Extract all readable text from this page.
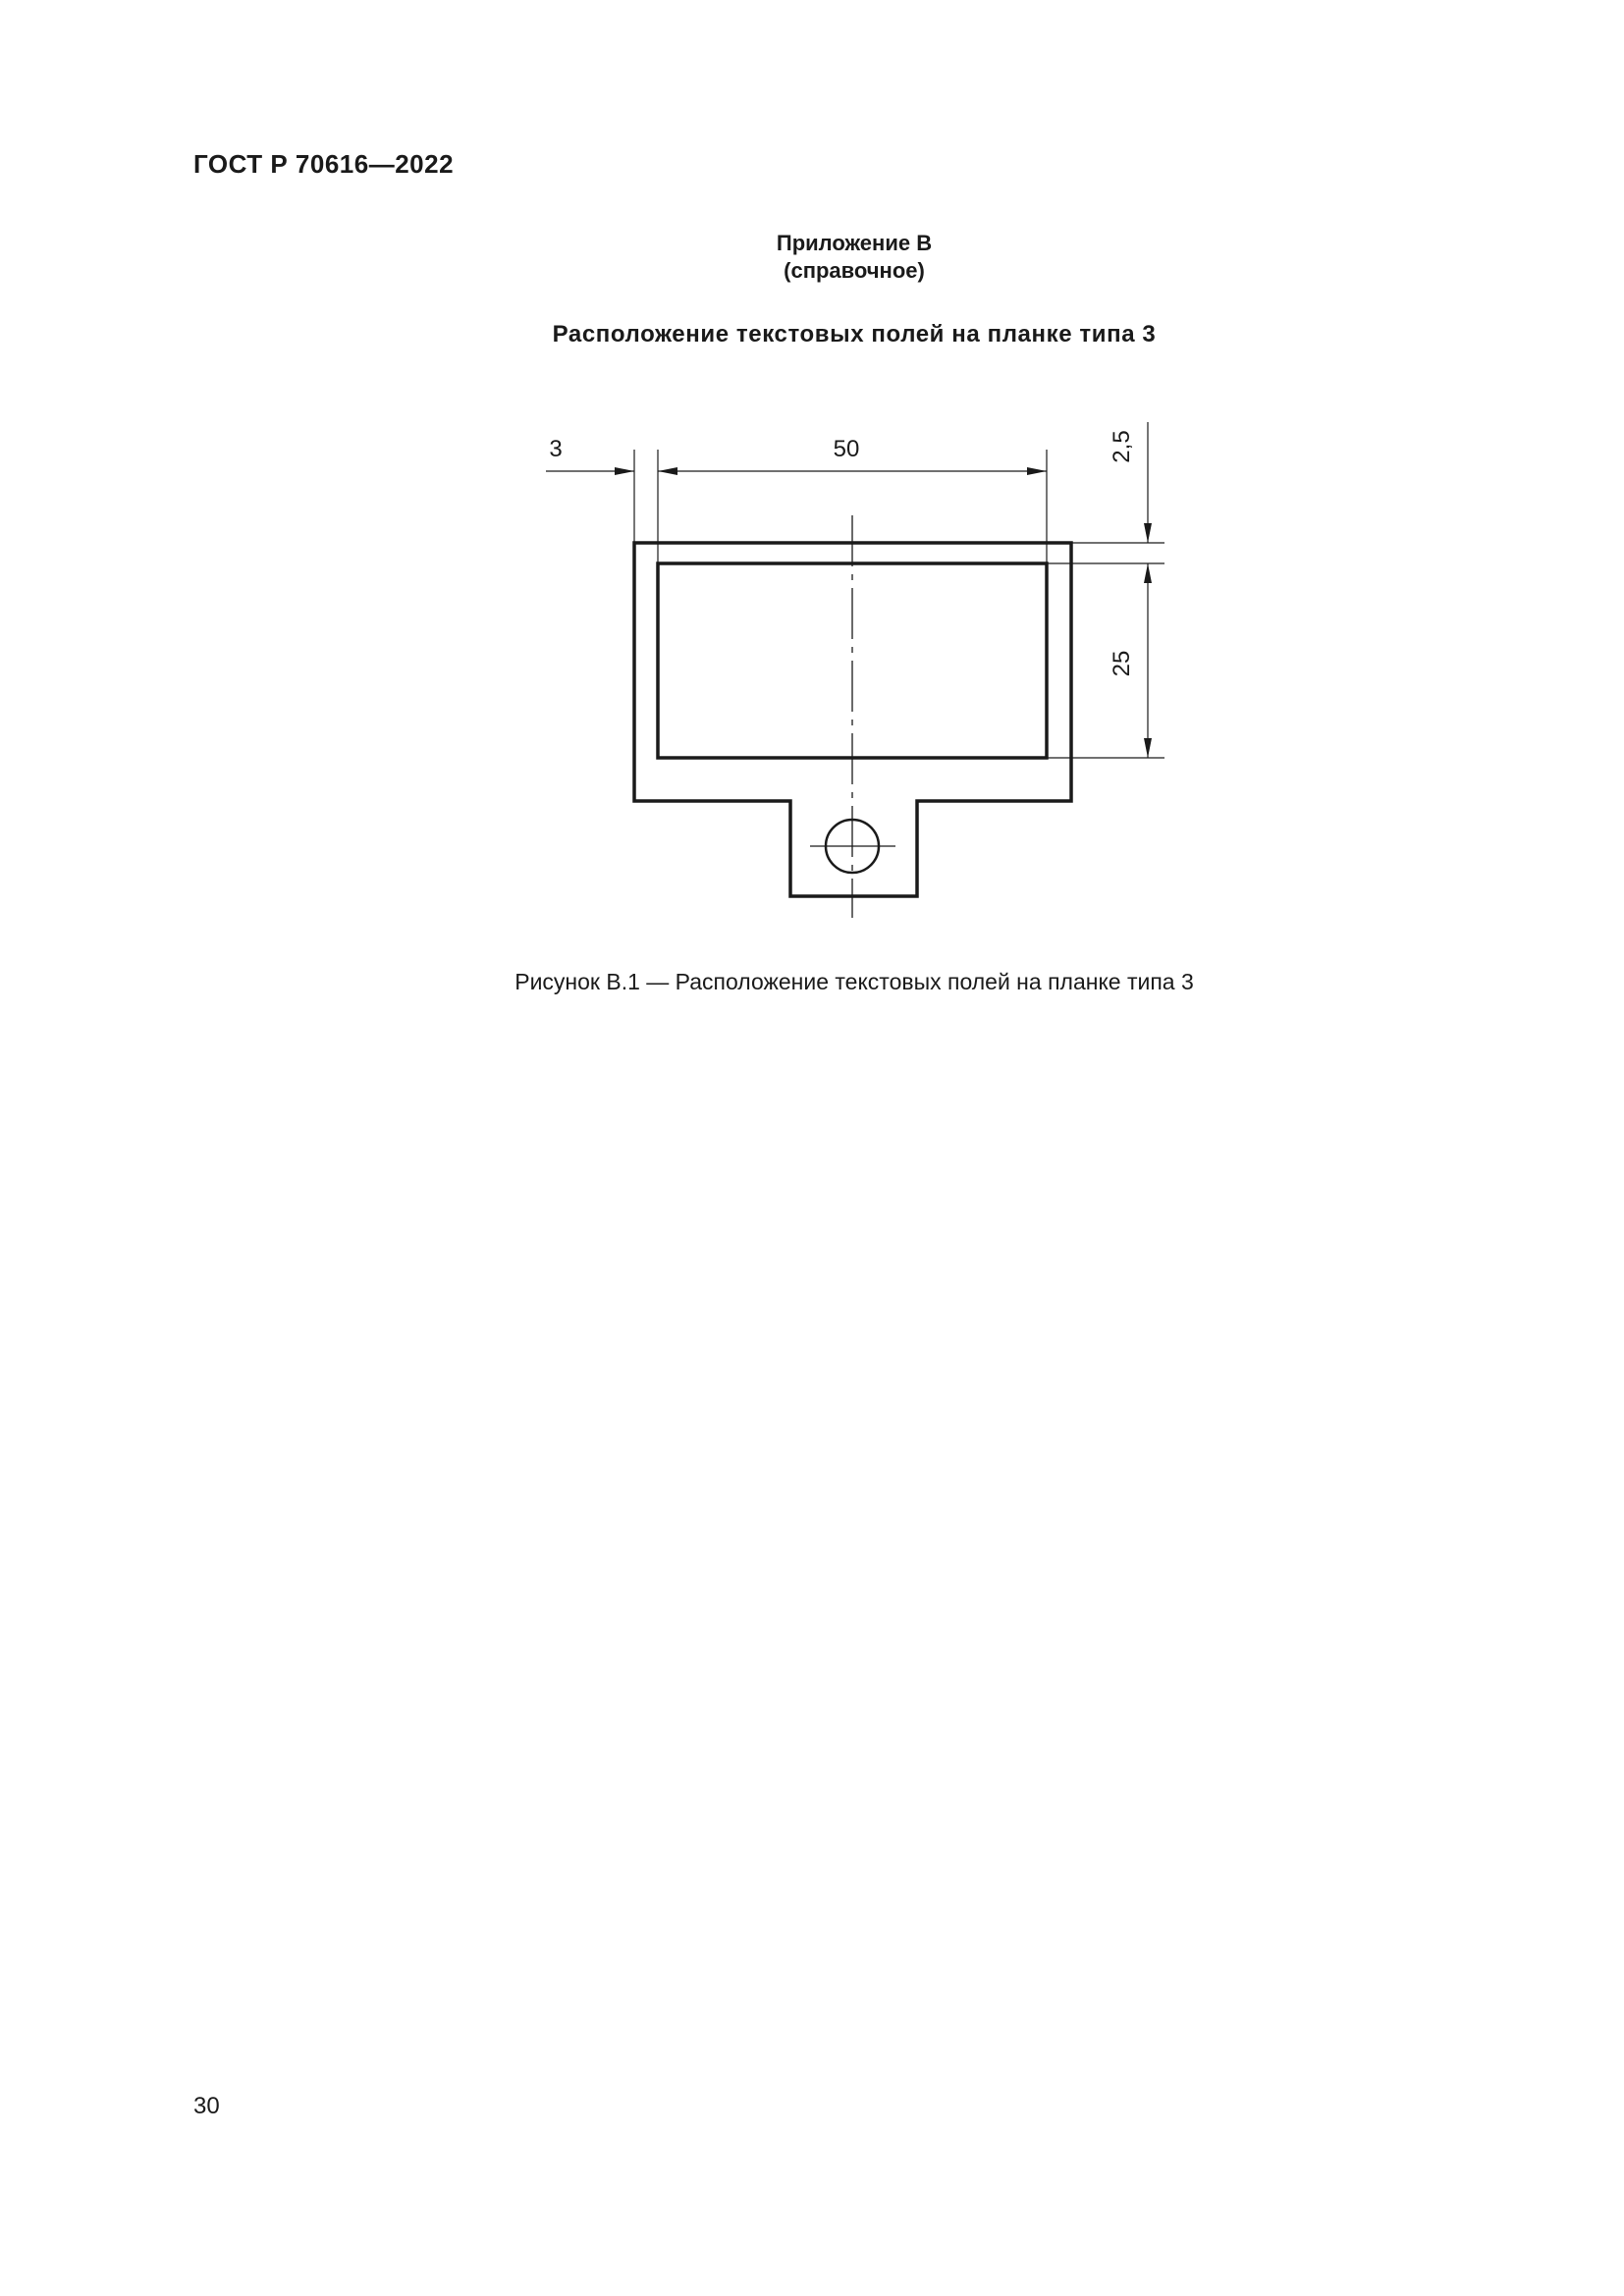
ГОСТ Р 70616—2022
Приложение В
(справочное)
Расположение текстовых полей на планке типа 3
3	50	2,5
25
Рисунок В.1 — Расположение текстовых полей на планке типа 3
30
